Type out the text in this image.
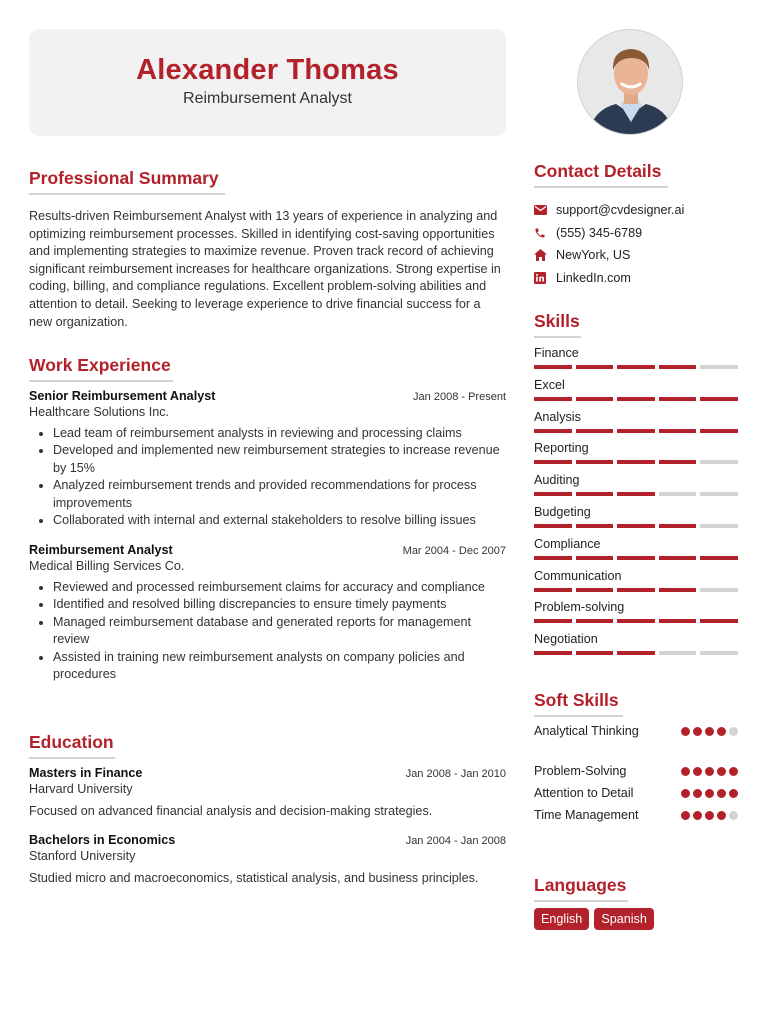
Alexander Thomas
Reimbursement Analyst
Professional Summary
Results-driven Reimbursement Analyst with 13 years of experience in analyzing and optimizing reimbursement processes. Skilled in identifying cost-saving opportunities and implementing strategies to maximize revenue. Proven track record of achieving significant reimbursement increases for healthcare organizations. Strong expertise in coding, billing, and compliance regulations. Excellent problem-solving abilities and attention to detail. Seeking to leverage experience to drive financial success for a new organization.
Work Experience
Senior Reimbursement Analyst	Jan 2008 - Present
Healthcare Solutions Inc.
Lead team of reimbursement analysts in reviewing and processing claims
Developed and implemented new reimbursement strategies to increase revenue by 15%
Analyzed reimbursement trends and provided recommendations for process improvements
Collaborated with internal and external stakeholders to resolve billing issues
Reimbursement Analyst	Mar 2004 - Dec 2007
Medical Billing Services Co.
Reviewed and processed reimbursement claims for accuracy and compliance
Identified and resolved billing discrepancies to ensure timely payments
Managed reimbursement database and generated reports for management review
Assisted in training new reimbursement analysts on company policies and procedures
Education
Masters in Finance	Jan 2008 - Jan 2010
Harvard University
Focused on advanced financial analysis and decision-making strategies.
Bachelors in Economics	Jan 2004 - Jan 2008
Stanford University
Studied micro and macroeconomics, statistical analysis, and business principles.
Contact Details
support@cvdesigner.ai
(555) 345-6789
NewYork, US
LinkedIn.com
Skills
Finance
Excel
Analysis
Reporting
Auditing
Budgeting
Compliance
Communication
Problem-solving
Negotiation
Soft Skills
Analytical Thinking
Problem-Solving
Attention to Detail
Time Management
Languages
English	Spanish
